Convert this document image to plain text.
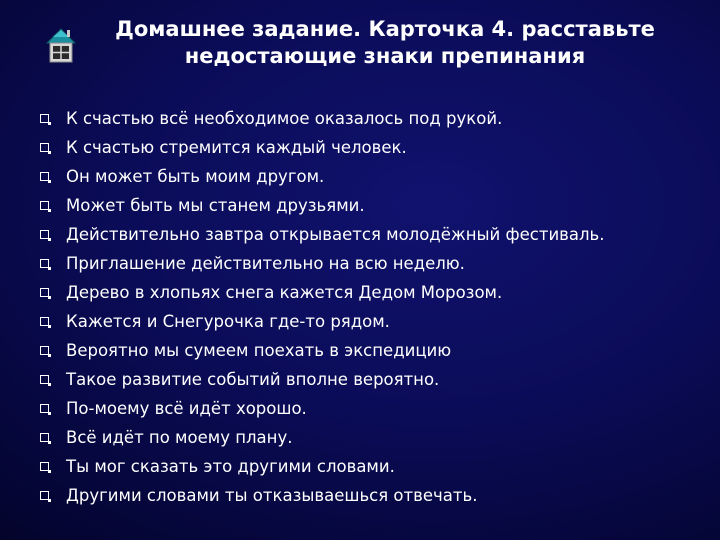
Домашнее задание. Карточка 4. расставьте
недостающие знаки препинания
К счастью всё необходимое оказалось под рукой.
К счастью стремится каждый человек.
Он может быть моим другом.
Может быть мы станем друзьями.
Действительно завтра открывается молодёжный фестиваль.
Приглашение действительно на всю неделю.
Дерево в хлопьях снега кажется Дедом Морозом.
Кажется и Снегурочка где-то рядом.
Вероятно мы сумеем поехать в экспедицию
Такое развитие событий вполне вероятно.
По-моему всё идёт хорошо.
Всё идёт по моему плану.
Ты мог сказать это другими словами.
Другими словами ты отказываешься отвечать.
